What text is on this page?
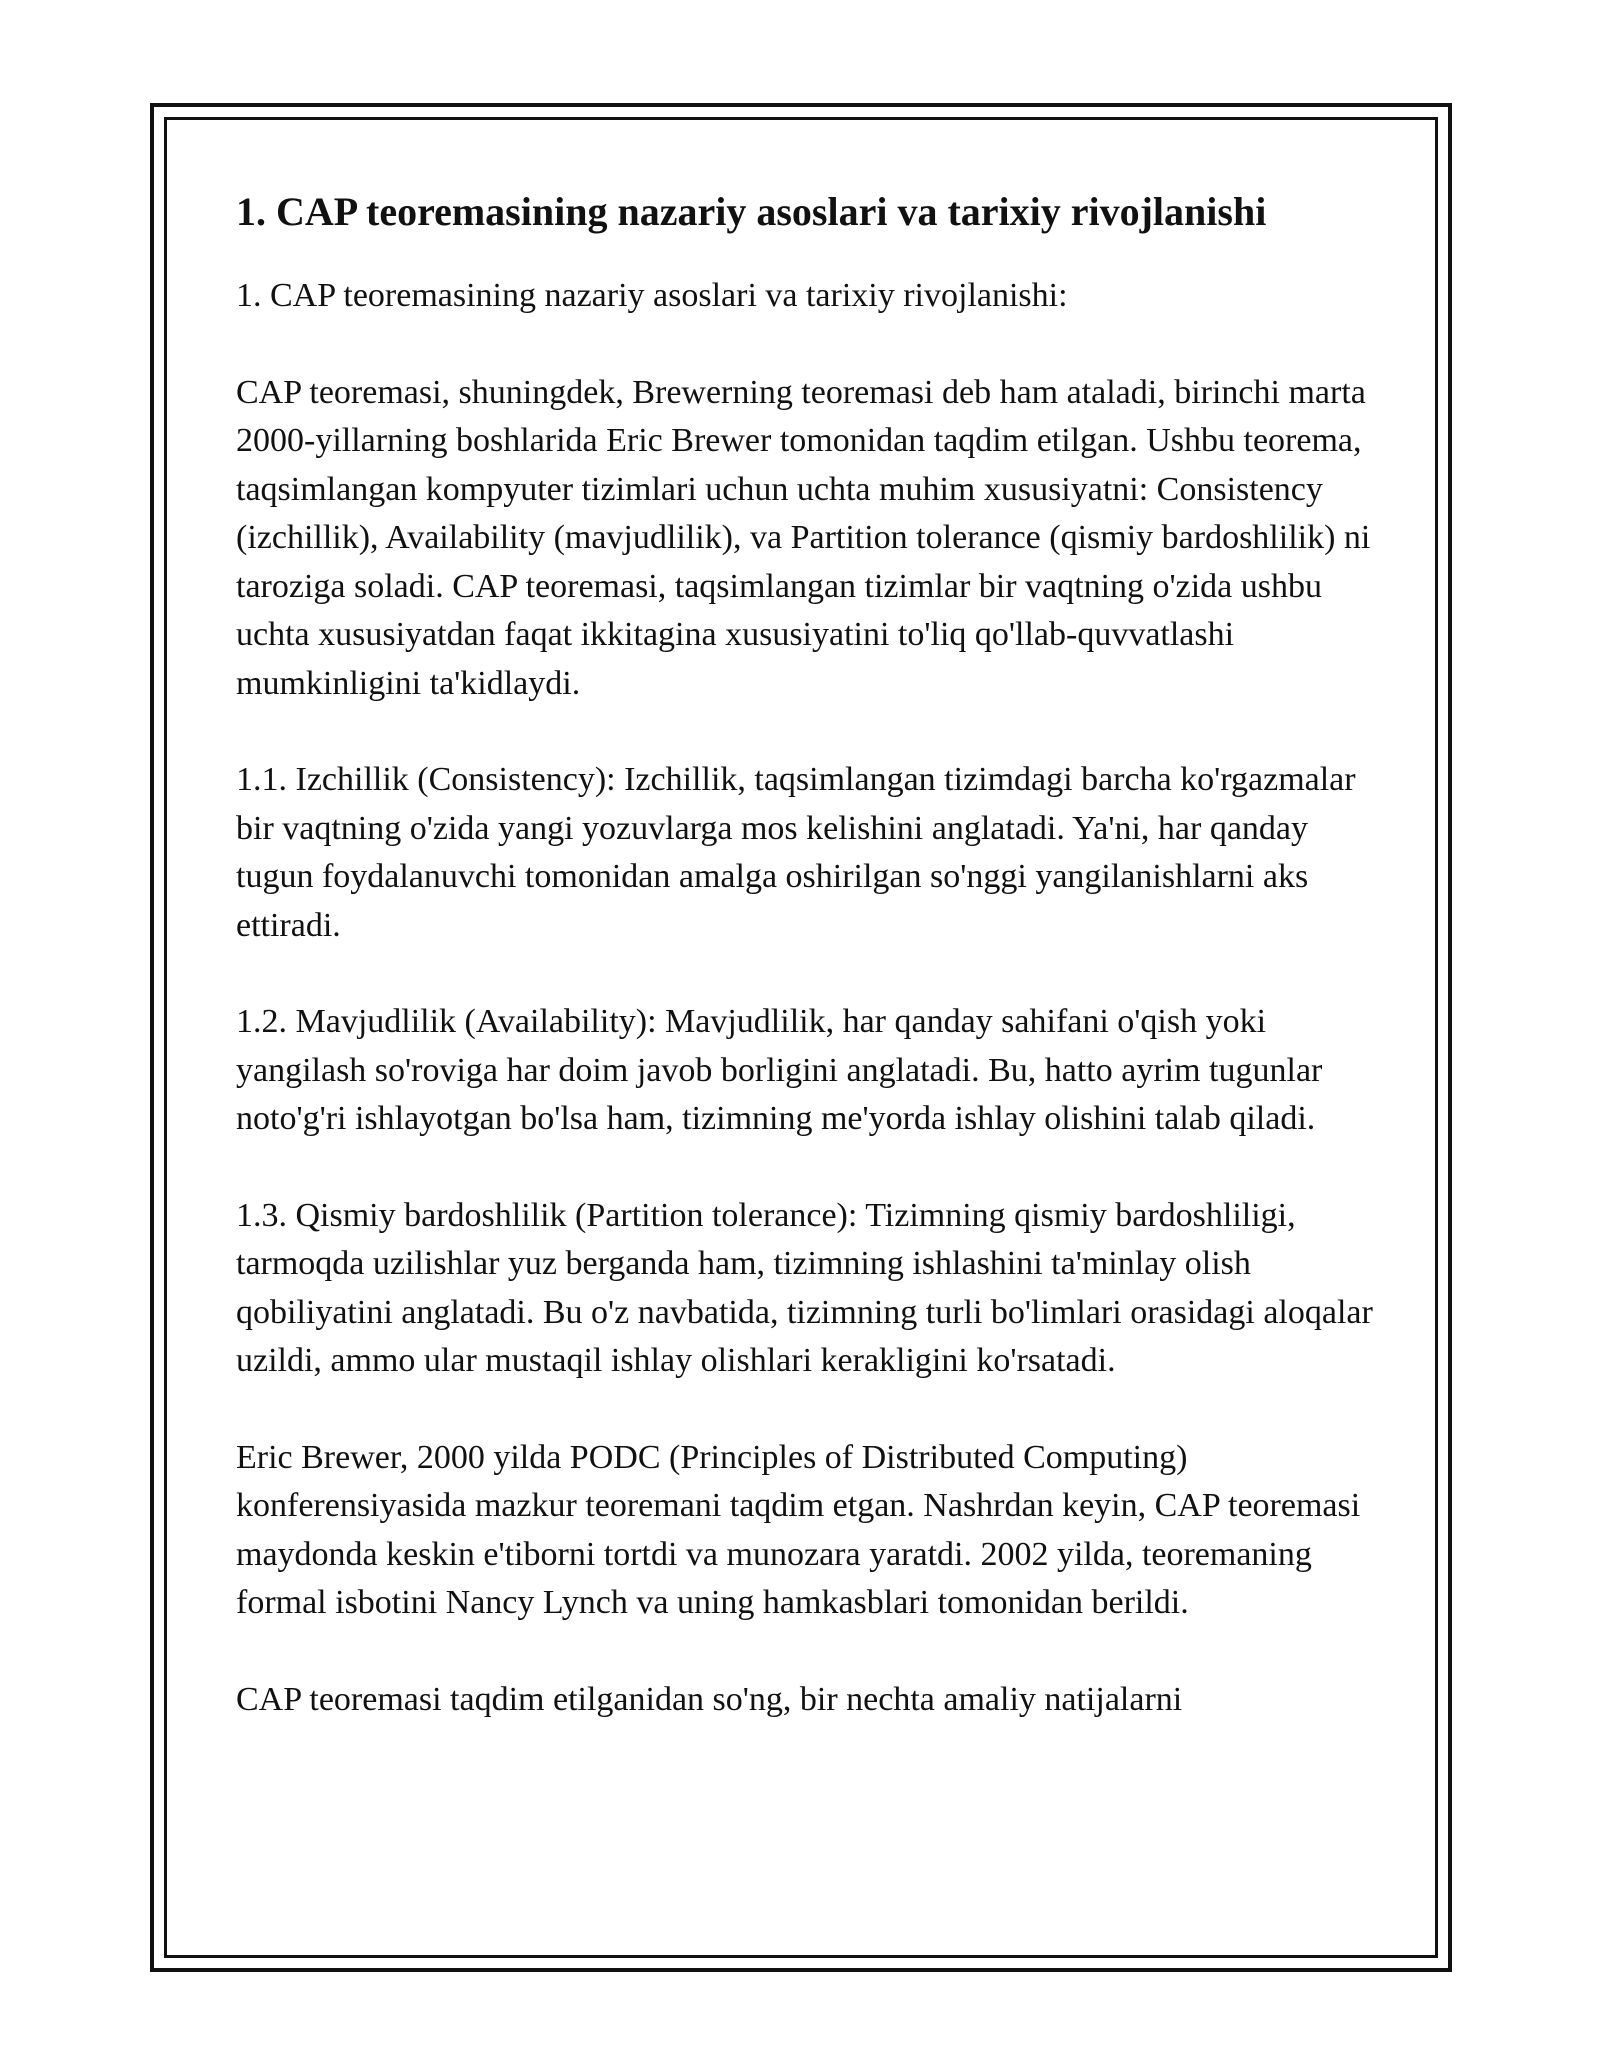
1. CAP teoremasining nazariy asoslari va tarixiy rivojlanishi

1. CAP teoremasining nazariy asoslari va tarixiy rivojlanishi:

CAP teoremasi, shuningdek, Brewerning teoremasi deb ham ataladi, birinchi marta 2000-yillarning boshlarida Eric Brewer tomonidan taqdim etilgan. Ushbu teorema, taqsimlangan kompyuter tizimlari uchun uchta muhim xususiyatni: Consistency (izchillik), Availability (mavjudlilik), va Partition tolerance (qismiy bardoshlilik) ni taroziga soladi. CAP teoremasi, taqsimlangan tizimlar bir vaqtning o'zida ushbu uchta xususiyatdan faqat ikkitagina xususiyatini to'liq qo'llab-quvvatlashi mumkinligini ta'kidlaydi.

1.1. Izchillik (Consistency): Izchillik, taqsimlangan tizimdagi barcha ko'rgazmalar bir vaqtning o'zida yangi yozuvlarga mos kelishini anglatadi. Ya'ni, har qanday tugun foydalanuvchi tomonidan amalga oshirilgan so'nggi yangilanishlarni aks ettiradi.

1.2. Mavjudlilik (Availability): Mavjudlilik, har qanday sahifani o'qish yoki yangilash so'roviga har doim javob borligini anglatadi. Bu, hatto ayrim tugunlar noto'g'ri ishlayotgan bo'lsa ham, tizimning me'yorda ishlay olishini talab qiladi.

1.3. Qismiy bardoshlilik (Partition tolerance): Tizimning qismiy bardoshliligi, tarmoqda uzilishlar yuz berganda ham, tizimning ishlashini ta'minlay olish qobiliyatini anglatadi. Bu o'z navbatida, tizimning turli bo'limlari orasidagi aloqalar uzildi, ammo ular mustaqil ishlay olishlari kerakligini ko'rsatadi.

Eric Brewer, 2000 yilda PODC (Principles of Distributed Computing) konferensiyasida mazkur teoremani taqdim etgan. Nashrdan keyin, CAP teoremasi maydonda keskin e'tiborni tortdi va munozara yaratdi. 2002 yilda, teoremaning formal isbotini Nancy Lynch va uning hamkasblari tomonidan berildi.

CAP teoremasi taqdim etilganidan so'ng, bir nechta amaliy natijalarni
